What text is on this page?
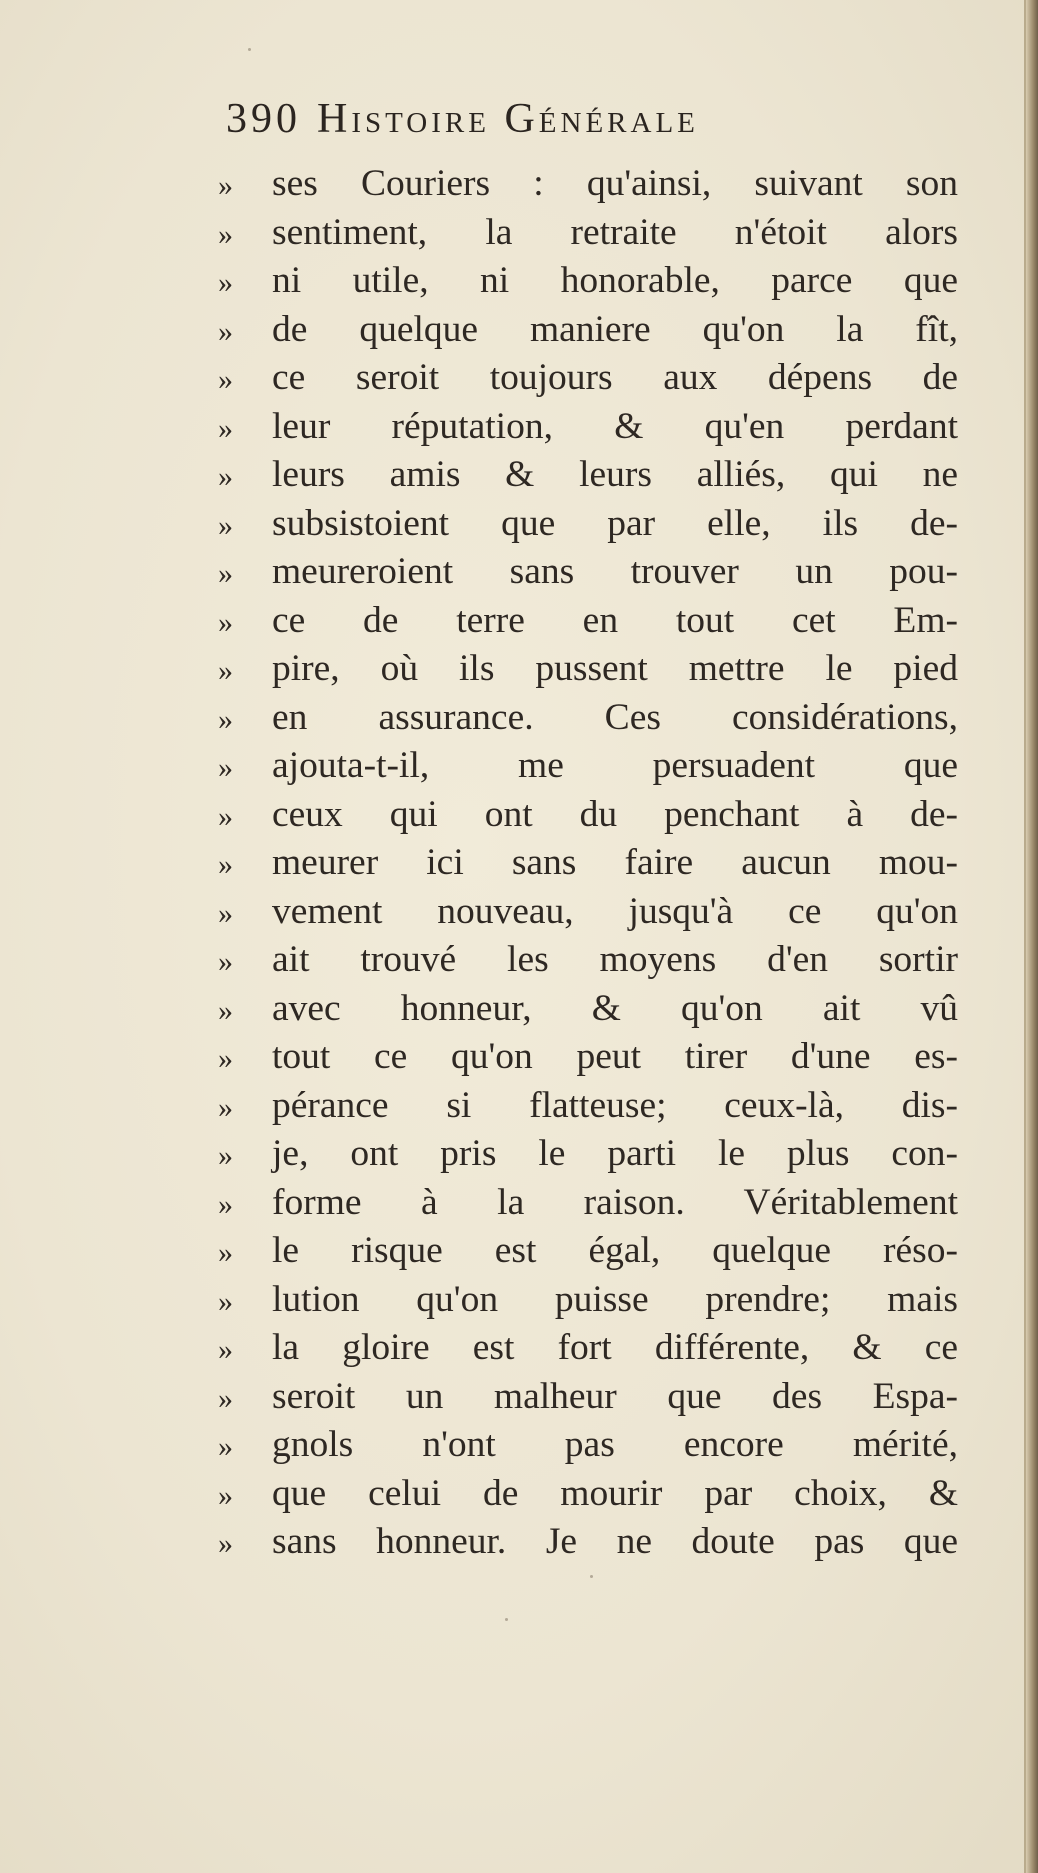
390 Histoire Générale
»	ses Couriers : qu'ainsi, suivant son
»	sentiment, la retraite n'étoit alors
»	ni utile, ni honorable, parce que
»	de quelque maniere qu'on la fît,
»	ce seroit toujours aux dépens de
»	leur réputation, & qu'en perdant
»	leurs amis & leurs alliés, qui ne
»	subsistoient que par elle, ils de-
»	meureroient sans trouver un pou-
»	ce de terre en tout cet Em-
»	pire, où ils pussent mettre le pied
»	en assurance. Ces considérations,
»	ajouta-t-il, me persuadent que
»	ceux qui ont du penchant à de-
»	meurer ici sans faire aucun mou-
»	vement nouveau, jusqu'à ce qu'on
»	ait trouvé les moyens d'en sortir
»	avec honneur, & qu'on ait vû
»	tout ce qu'on peut tirer d'une es-
»	pérance si flatteuse; ceux-là, dis-
»	je, ont pris le parti le plus con-
»	forme à la raison. Véritablement
»	le risque est égal, quelque réso-
»	lution qu'on puisse prendre; mais
»	la gloire est fort différente, & ce
»	seroit un malheur que des Espa-
»	gnols n'ont pas encore mérité,
»	que celui de mourir par choix, &
»	sans honneur. Je ne doute pas que
